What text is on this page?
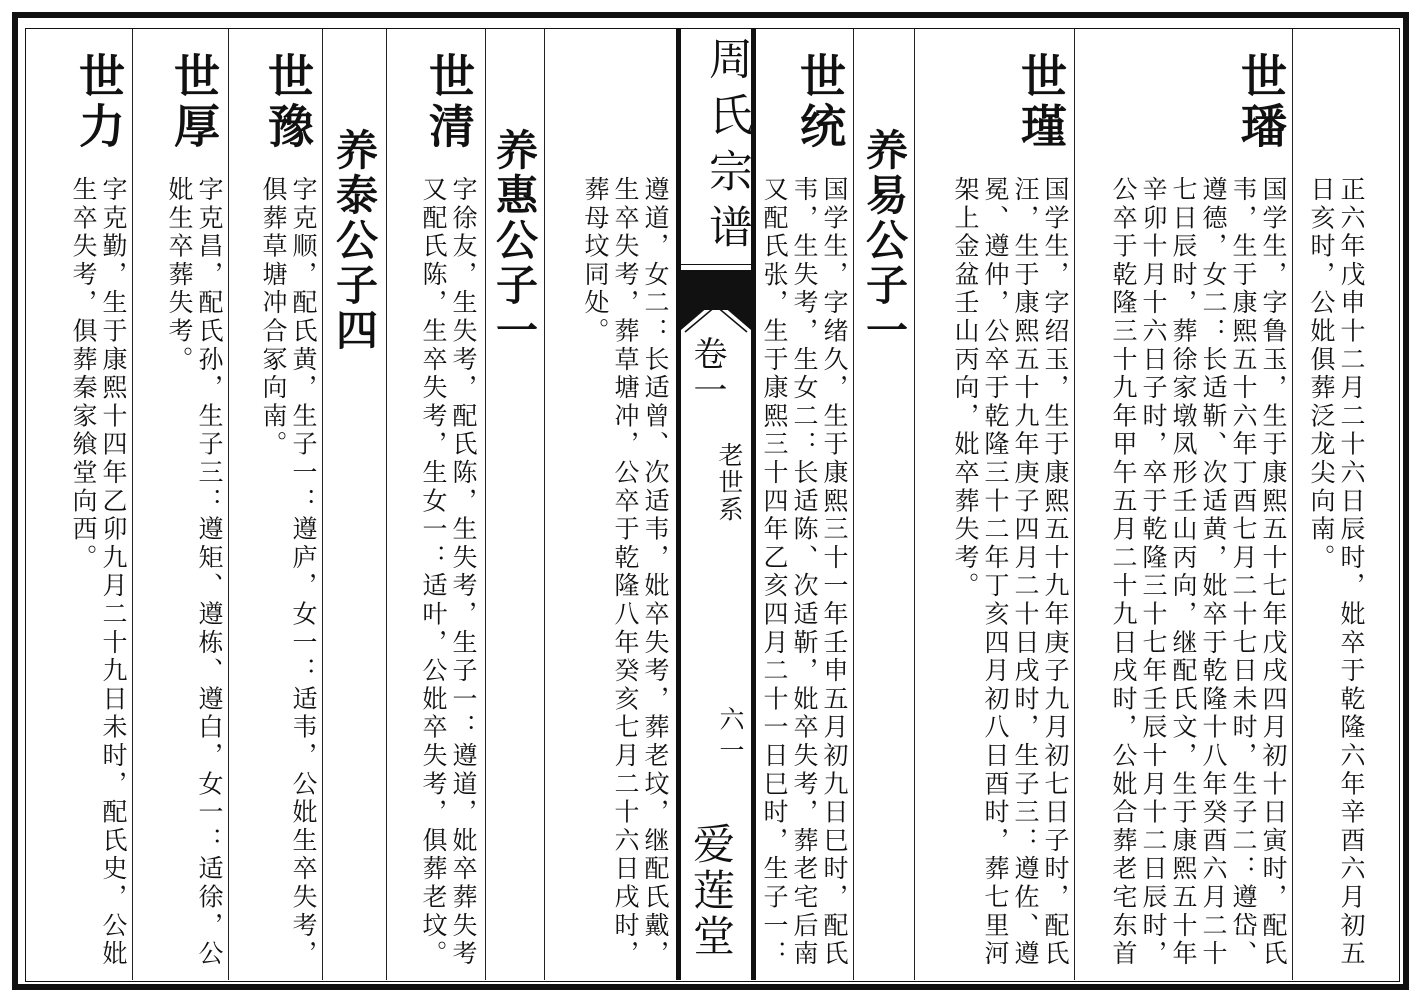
周氏宗谱
卷一
老世系
六一
爱莲堂	正六年戊申十二月二十六日辰时，妣卒于乾隆六年辛酉六月初五
日亥时，公妣俱葬泛龙尖向南。
世璠
国学生，字鲁玉，生于康熙五十七年戊戌四月初十日寅时，配氏
韦，生于康熙五十六年丁酉七月二十七日未时，生子二：遵岱、
遵德，女二：长适靳、次适黄，妣卒于乾隆十八年癸酉六月二十
七日辰时，葬徐家墩凤形壬山丙向，继配氏文，生于康熙五十年
辛卯十月十六日子时，卒于乾隆三十七年壬辰十月十二日辰时，
公卒于乾隆三十九年甲午五月二十九日戌时，公妣合葬老宅东首
世瑾
国学生，字绍玉，生于康熙五十九年庚子九月初七日子时，配氏
汪，生于康熙五十九年庚子四月二十日戌时，生子三：遵佐、遵
冕、遵仲，公卒于乾隆三十二年丁亥四月初八日酉时，葬七里河
架上金盆壬山丙向，妣卒葬失考。
养易公子一
世统
国学生，字绪久，生于康熙三十一年壬申五月初九日巳时，配氏
韦，生失考，生女二：长适陈、次适靳，妣卒失考，葬老宅后南
又配氏张，生于康熙三十四年乙亥四月二十一日巳时，生子一：
遵道，女二：长适曾、次适韦，妣卒失考，葬老坟，继配氏戴，
生卒失考，葬草塘冲，公卒于乾隆八年癸亥七月二十六日戌时，
葬母坟同处。
养惠公子一
世清
字徐友，生失考，配氏陈，生失考，生子一：遵道，妣卒葬失考
又配氏陈，生卒失考，生女一：适叶，公妣卒失考，俱葬老坟。
养泰公子四
世豫
字克顺，配氏黄，生子一：遵庐，女一：适韦，公妣生卒失考，
俱葬草塘冲合冢向南。
世厚
字克昌，配氏孙，生子三：遵矩、遵栋、遵白，女一：适徐，公
妣生卒葬失考。
世力
字克勤，生于康熙十四年乙卯九月二十九日未时，配氏史，公妣
生卒失考，俱葬秦家飨堂向西。
